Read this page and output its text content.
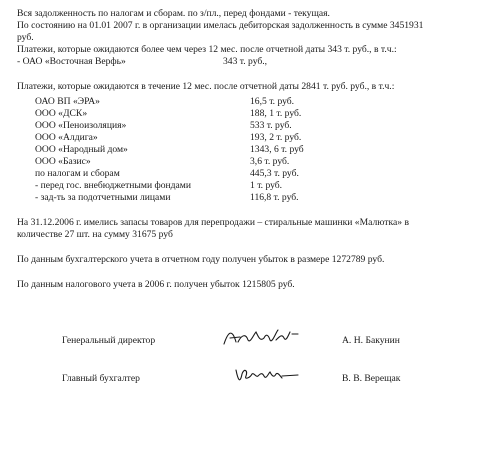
Вся задолженность по налогам и сборам. по з/пл., перед фондами - текущая.
По состоянию на 01.01 2007 г. в организации имелась дебиторская задолженность в сумме 3451931
руб.
Платежи, которые ожидаются более чем через 12 мес. после отчетной даты 343 т. руб., в т.ч.:
- ОАО «Восточная Верфь»	343 т. руб.,
Платежи, которые ожидаются в течение 12 мес. после отчетной даты 2841 т. руб. руб., в т.ч.:
ОАО ВП «ЭРА»	16,5 т. руб.
ООО «ДСК»	188, 1 т. руб.
ООО «Пеноизоляция»	533 т. руб.
ООО «Алдига»	193, 2 т. руб.
ООО «Народный дом»	1343, 6 т. руб
ООО «Базис»	3,6 т. руб.
по налогам и сборам	445,3 т. руб.
- перед гос. внебюджетными фондами	1 т. руб.
- зад-ть за подотчетными лицами	116,8 т. руб.
На 31.12.2006 г. имелись запасы товаров для перепродажи – стиральные машинки «Малютка» в
количестве 27 шт. на сумму 31675 руб
По данным бухгалтерского учета в отчетном году получен убыток в размере 1272789 руб.
По данным налогового учета в 2006 г. получен убыток 1215805 руб.
Генеральный директор	А. Н. Бакунин
Главный бухгалтер	В. В. Верещак
